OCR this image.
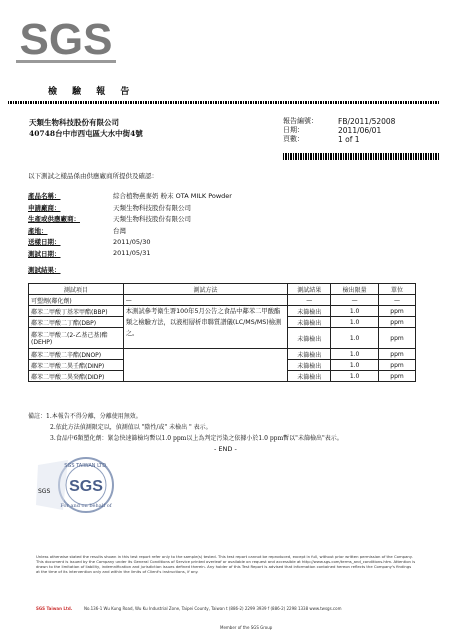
SGS
檢 驗 報 告
天類生物科技股份有限公司
40748台中市西屯區大水中街4號
報告編號：	FB/2011/52008
日期：	2011/06/01
頁數：	1 of 1
以下測試之樣品係由供應廠商所提供及確認：
產品名稱：	綜合植物燕麥奶 粉末 OTA MILK Powder
申請廠商：	天類生物科技股份有限公司
生產或供應廠商：	天類生物科技股份有限公司
產地：	台灣
送樣日期：	2011/05/30
測試日期：	2011/05/31
測試結果：
測試項目	測試方法	測試結果	檢出限量	單位
可塑劑(鄰化劑)	—	—	—	—
鄰苯二甲酸丁基苯甲酯(BBP)	本測試參考衛生署100年5月公告之食品中鄰苯二甲酸酯類之檢驗方法，以液相層析串聯質譜儀(LC/MS/MS)檢測之。	未篩檢出	1.0	ppm
鄰苯二甲酸二丁酯(DBP)		未篩檢出	1.0	ppm
鄰苯二甲酸二(2-乙基己基)酯 (DEHP)		未篩檢出	1.0	ppm
鄰苯二甲酸二辛酯(DNOP)		未篩檢出	1.0	ppm
鄰苯二甲酸二異壬酯(DINP)		未篩檢出	1.0	ppm
鄰苯二甲酸二異癸酯(DIDP)		未篩檢出	1.0	ppm
備註：1.本報告不得分離，分離使用無效。
2.依此方法偵測限定以，偵測值以 "陰性/或" 未檢出 " 表示。
3.食品中6類塑化劑：緊急快速篩檢均暫以1.0 ppm以上為判定污染之依據小於1.0 ppm暫以"未篩檢出"表示。
- END -
SGS TAIWAN LTD.
SGS
For and on behalf of
SGS
Unless otherwise stated the results shown in this test report refer only to the sample(s) tested. This test report cannot be reproduced, except in full, without prior written permission of the Company. This document is issued by the Company under its General Conditions of Service printed overleaf or available on request and accessible at http://www.sgs.com/terms_and_conditions.htm. Attention is drawn to the limitation of liability, indemnification and jurisdiction issues defined therein. Any holder of this Test Report is advised that information contained hereon reflects the Company's findings at the time of its intervention only and within the limits of Client's instructions, if any.
SGS Taiwan Ltd.	No.136-1 Wu Kung Road, Wu Ku Industrial Zone, Taipei County, Taiwan t (886-2) 2299 3939 f (886-2) 2298 1338 www.twsgs.com
Member of the SGS Group
